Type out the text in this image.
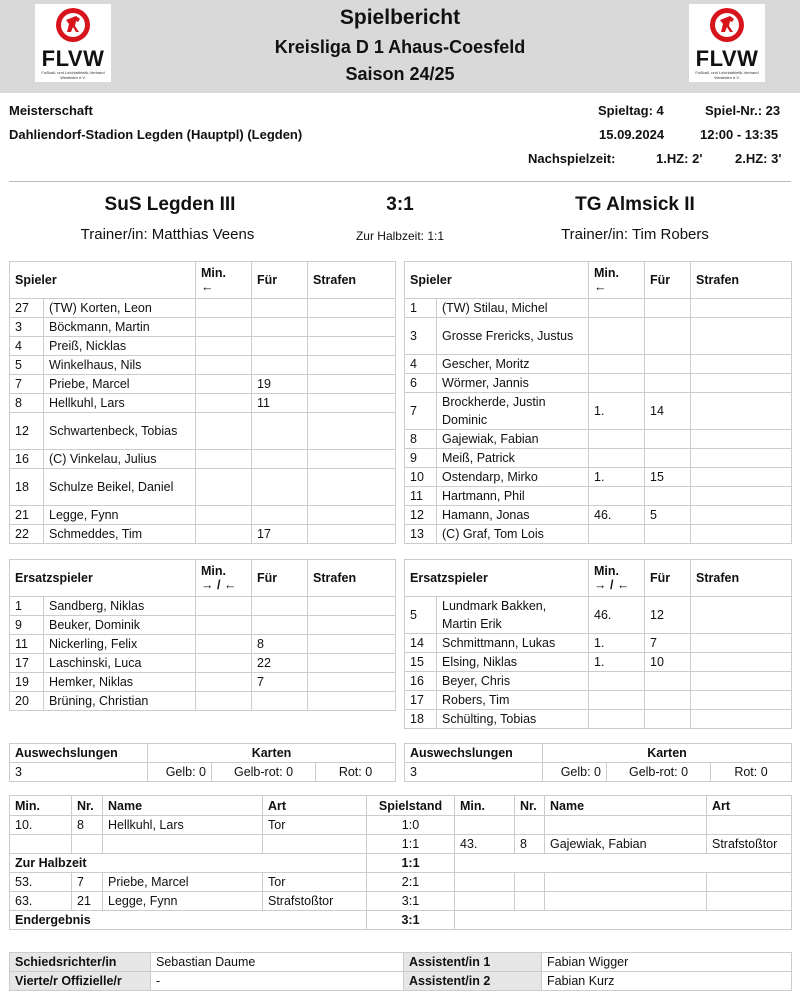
FLVW
Fußball- und Leichtathletik-Verband Westfalen e.V.
FLVW
Fußball- und Leichtathletik-Verband Westfalen e.V.
Spielbericht
Kreisliga D 1 Ahaus-Coesfeld
Saison 24/25
Meisterschaft
Dahliendorf-Stadion Legden (Hauptpl) (Legden)
Spieltag: 4	Spiel-Nr.: 23
15.09.2024	12:00 - 13:35
Nachspielzeit:	1.HZ: 2'	2.HZ: 3'
SuS Legden III	3:1	TG Almsick II
Trainer/in: Matthias Veens	Zur Halbzeit: 1:1	Trainer/in: Tim Robers
Spieler		Min.
←	Für	Strafen
27	(TW) Korten, Leon			
3	Böckmann, Martin			
4	Preiß, Nicklas			
5	Winkelhaus, Nils			
7	Priebe, Marcel		19	
8	Hellkuhl, Lars		11	
12	Schwartenbeck, Tobias			
16	(C) Vinkelau, Julius			
18	Schulze Beikel, Daniel			
21	Legge, Fynn			
22	Schmeddes, Tim		17	
Spieler		Min.
←	Für	Strafen
1	(TW) Stilau, Michel			
3	Grosse Frericks, Justus			
4	Gescher, Moritz			
6	Wörmer, Jannis			
7	Brockherde, Justin Dominic	1.	14	
8	Gajewiak, Fabian			
9	Meiß, Patrick			
10	Ostendarp, Mirko	1.	15	
11	Hartmann, Phil			
12	Hamann, Jonas	46.	5	
13	(C) Graf, Tom Lois			
Ersatzspieler		Min.
→ / ←	Für	Strafen
1	Sandberg, Niklas			
9	Beuker, Dominik			
11	Nickerling, Felix		8	
17	Laschinski, Luca		22	
19	Hemker, Niklas		7	
20	Brüning, Christian			
Ersatzspieler		Min.
→ / ←	Für	Strafen
5	Lundmark Bakken, Martin Erik	46.	12	
14	Schmittmann, Lukas	1.	7	
15	Elsing, Niklas	1.	10	
16	Beyer, Chris			
17	Robers, Tim			
18	Schülting, Tobias			
Auswechslungen	Karten		
3	Gelb: 0	Gelb-rot: 0	Rot: 0
Auswechslungen	Karten		
3	Gelb: 0	Gelb-rot: 0	Rot: 0
Min.	Nr.	Name	Art	Spielstand	Min.	Nr.	Name	Art
10.	8	Hellkuhl, Lars	Tor	1:0				
				1:1	43.	8	Gajewiak, Fabian	Strafstoßtor
Zur Halbzeit				1:1				
53.	7	Priebe, Marcel	Tor	2:1				
63.	21	Legge, Fynn	Strafstoßtor	3:1				
Endergebnis				3:1				
Schiedsrichter/in	Sebastian Daume	Assistent/in 1	Fabian Wigger
Vierte/r Offizielle/r	-	Assistent/in 2	Fabian Kurz
